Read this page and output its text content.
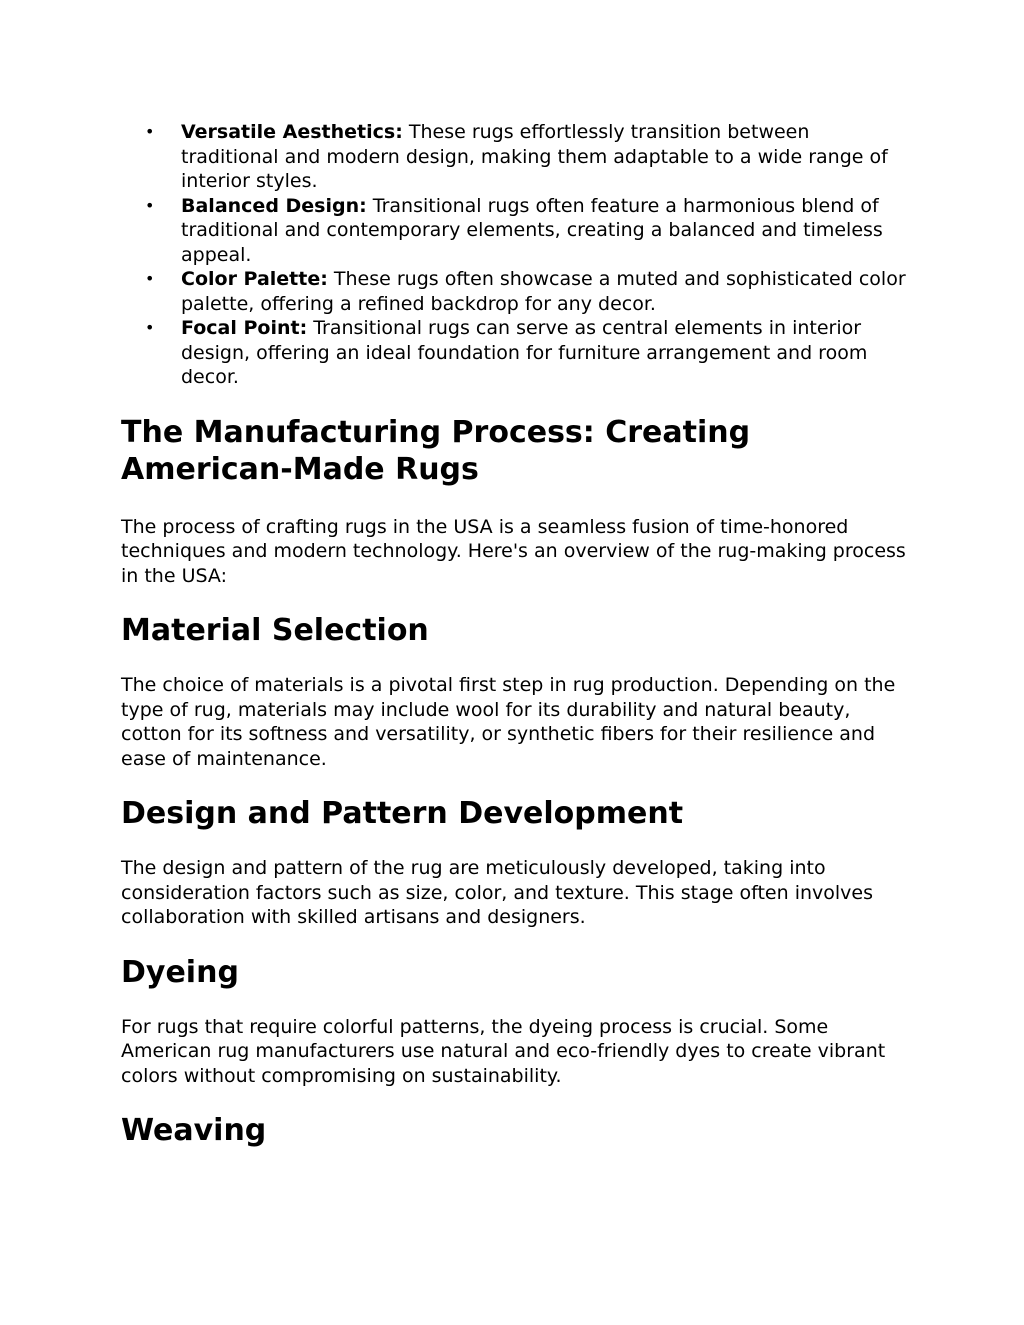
• Versatile Aesthetics: These rugs effortlessly transition between traditional and modern design, making them adaptable to a wide range of interior styles.
• Balanced Design: Transitional rugs often feature a harmonious blend of traditional and contemporary elements, creating a balanced and timeless appeal.
• Color Palette: These rugs often showcase a muted and sophisticated color palette, offering a refined backdrop for any decor.
• Focal Point: Transitional rugs can serve as central elements in interior design, offering an ideal foundation for furniture arrangement and room decor.
The Manufacturing Process: Creating American-Made Rugs

The process of crafting rugs in the USA is a seamless fusion of time-honored techniques and modern technology. Here's an overview of the rug-making process in the USA:

Material Selection

The choice of materials is a pivotal first step in rug production. Depending on the type of rug, materials may include wool for its durability and natural beauty, cotton for its softness and versatility, or synthetic fibers for their resilience and ease of maintenance.

Design and Pattern Development

The design and pattern of the rug are meticulously developed, taking into consideration factors such as size, color, and texture. This stage often involves collaboration with skilled artisans and designers.

Dyeing

For rugs that require colorful patterns, the dyeing process is crucial. Some American rug manufacturers use natural and eco-friendly dyes to create vibrant colors without compromising on sustainability.

Weaving
